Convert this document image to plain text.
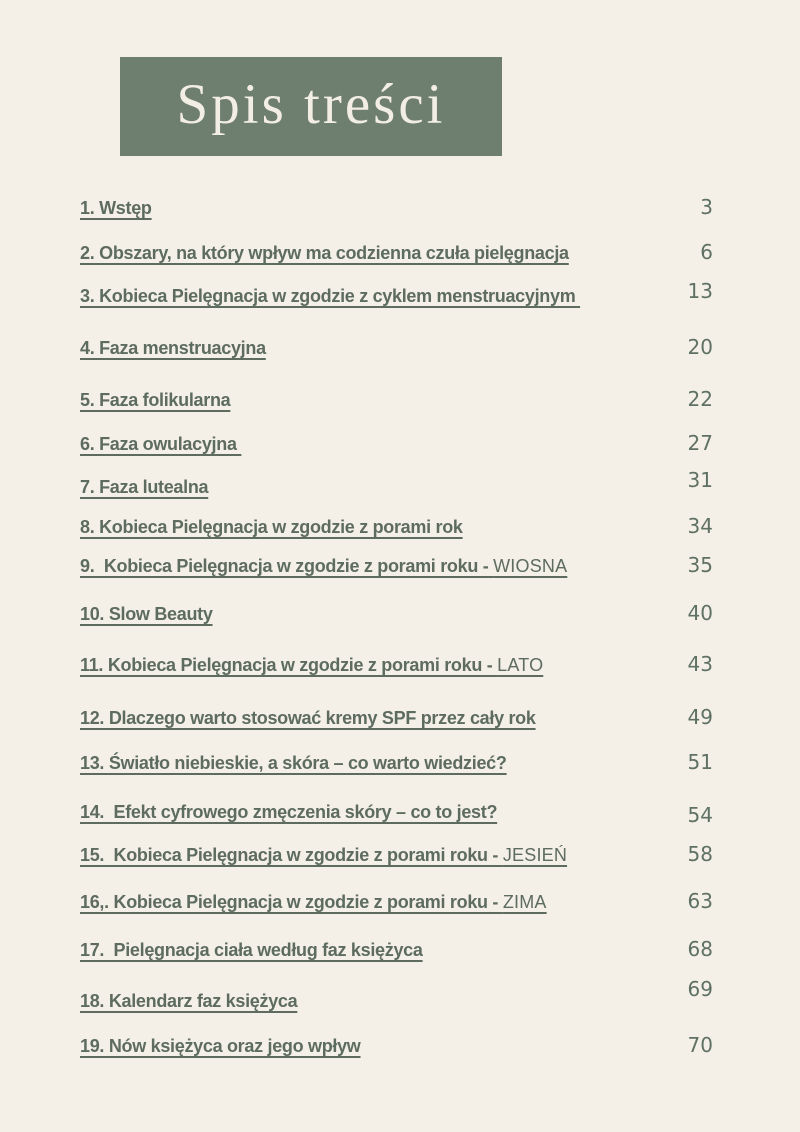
Spis treści
1. Wstęp	3
2. Obszary, na który wpływ ma codzienna czuła pielęgnacja	6
3. Kobieca Pielęgnacja w zgodzie z cyklem menstruacyjnym	13
4. Faza menstruacyjna	20
5. Faza folikularna	22
6. Faza owulacyjna	27
7. Faza lutealna	31
8. Kobieca Pielęgnacja w zgodzie z porami rok	34
9.  Kobieca Pielęgnacja w zgodzie z porami roku - WIOSNA	35
10. Slow Beauty	40
11. Kobieca Pielęgnacja w zgodzie z porami roku - LATO	43
12. Dlaczego warto stosować kremy SPF przez cały rok	49
13. Światło niebieskie, a skóra – co warto wiedzieć?	51
14.  Efekt cyfrowego zmęczenia skóry – co to jest?	54
15.  Kobieca Pielęgnacja w zgodzie z porami roku - JESIEŃ	58
16,. Kobieca Pielęgnacja w zgodzie z porami roku - ZIMA	63
17.  Pielęgnacja ciała według faz księżyca	68
18. Kalendarz faz księżyca	69
19. Nów księżyca oraz jego wpływ	70
